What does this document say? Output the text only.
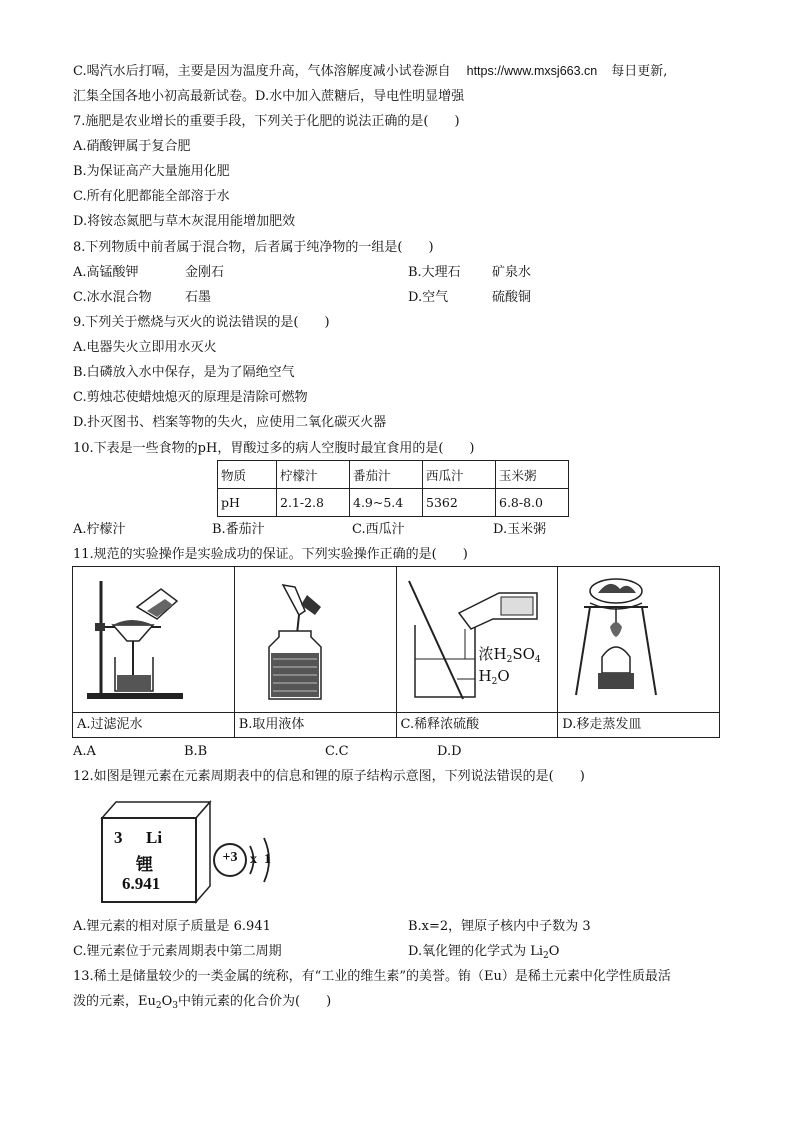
C.喝汽水后打嗝，主要是因为温度升高，气体溶解度减小试卷源自 https://www.mxsj663.cn 每日更新,
汇集全国各地小初高最新试卷。D.水中加入蔗糖后，导电性明显增强
7.施肥是农业增长的重要手段，下列关于化肥的说法正确的是(　　)
A.硝酸钾属于复合肥
B.为保证高产大量施用化肥
C.所有化肥都能全部溶于水
D.将铵态氮肥与草木灰混用能增加肥效
8.下列物质中前者属于混合物，后者属于纯净物的一组是(　　)
A.高锰酸钾	金刚石	B.大理石 矿泉水
C.冰水混合物	石墨	D.空气	硫酸铜
9.下列关于燃烧与灭火的说法错误的是(　　)
A.电器失火立即用水灭火
B.白磷放入水中保存，是为了隔绝空气
C.剪烛芯使蜡烛熄灭的原理是清除可燃物
D.扑灭图书、档案等物的失火，应使用二氧化碳灭火器
10.下表是一些食物的pH，胃酸过多的病人空腹时最宜食用的是(　　)
物质	柠檬汁	番茄汁	西瓜汁	玉米粥
pH	2.1-2.8	4.9~5.4	5362	6.8-8.0
A.柠檬汁	B.番茄汁	C.西瓜汁	D.玉米粥
11.规范的实验操作是实验成功的保证。下列实验操作正确的是(　　)
浓$H_2SO_4$
$H_2O$
A.过滤泥水	B.取用液体	C.稀释浓硫酸	D.移走蒸发皿
A.A	B.B	C.C	D.D
12.如图是锂元素在元素周期表中的信息和锂的原子结构示意图，下列说法错误的是(　　)
3 Li
锂
6.941
+3 x 1
A.锂元素的相对原子质量是 6.941	B.x=2，锂原子核内中子数为 3
C.锂元素位于元素周期表中第二周期	D.氧化锂的化学式为 $Li_2O$
13.稀土是储量较少的一类金属的统称，有“工业的维生素”的美誉。铕（Eu）是稀土元素中化学性质最活
泼的元素，$Eu_2O_3$中铕元素的化合价为(　　)
